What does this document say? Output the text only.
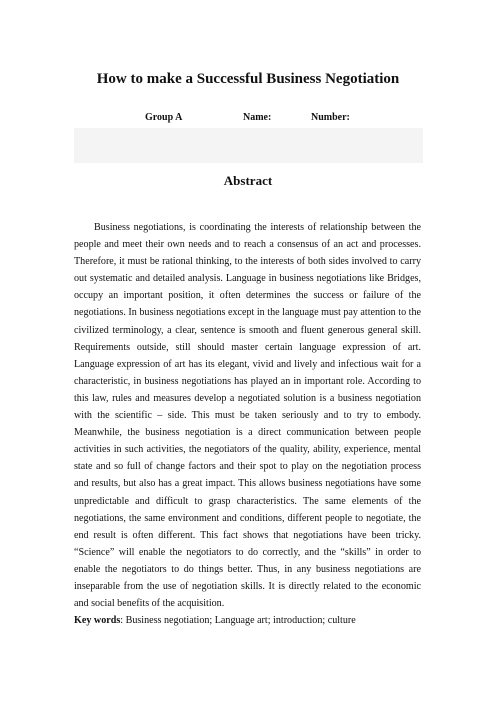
How to make a Successful Business Negotiation
Group A	Name:	Number:
Abstract

Business negotiations, is coordinating the interests of relationship between the people and meet their own needs and to reach a consensus of an act and processes. Therefore, it must be rational thinking, to the interests of both sides involved to carry out systematic and detailed analysis. Language in business negotiations like Bridges, occupy an important position, it often determines the success or failure of the negotiations. In business negotiations except in the language must pay attention to the civilized terminology, a clear, sentence is smooth and fluent generous general skill. Requirements outside, still should master certain language expression of art. Language expression of art has its elegant, vivid and lively and infectious wait for a characteristic, in business negotiations has played an in important role. According to this law, rules and measures develop a negotiated solution is a business negotiation with the scientific – side. This must be taken seriously and to try to embody. Meanwhile, the business negotiation is a direct communication between people activities in such activities, the negotiators of the quality, ability, experience, mental state and so full of change factors and their spot to play on the negotiation process and results, but also has a great impact. This allows business negotiations have some unpredictable and difficult to grasp characteristics. The same elements of the negotiations, the same environment and conditions, different people to negotiate, the end result is often different. This fact shows that negotiations have been tricky. “Science” will enable the negotiators to do correctly, and the “skills” in order to enable the negotiators to do things better. Thus, in any business negotiations are inseparable from the use of negotiation skills. It is directly related to the economic and social benefits of the acquisition.

Key words: Business negotiation; Language art; introduction; culture
